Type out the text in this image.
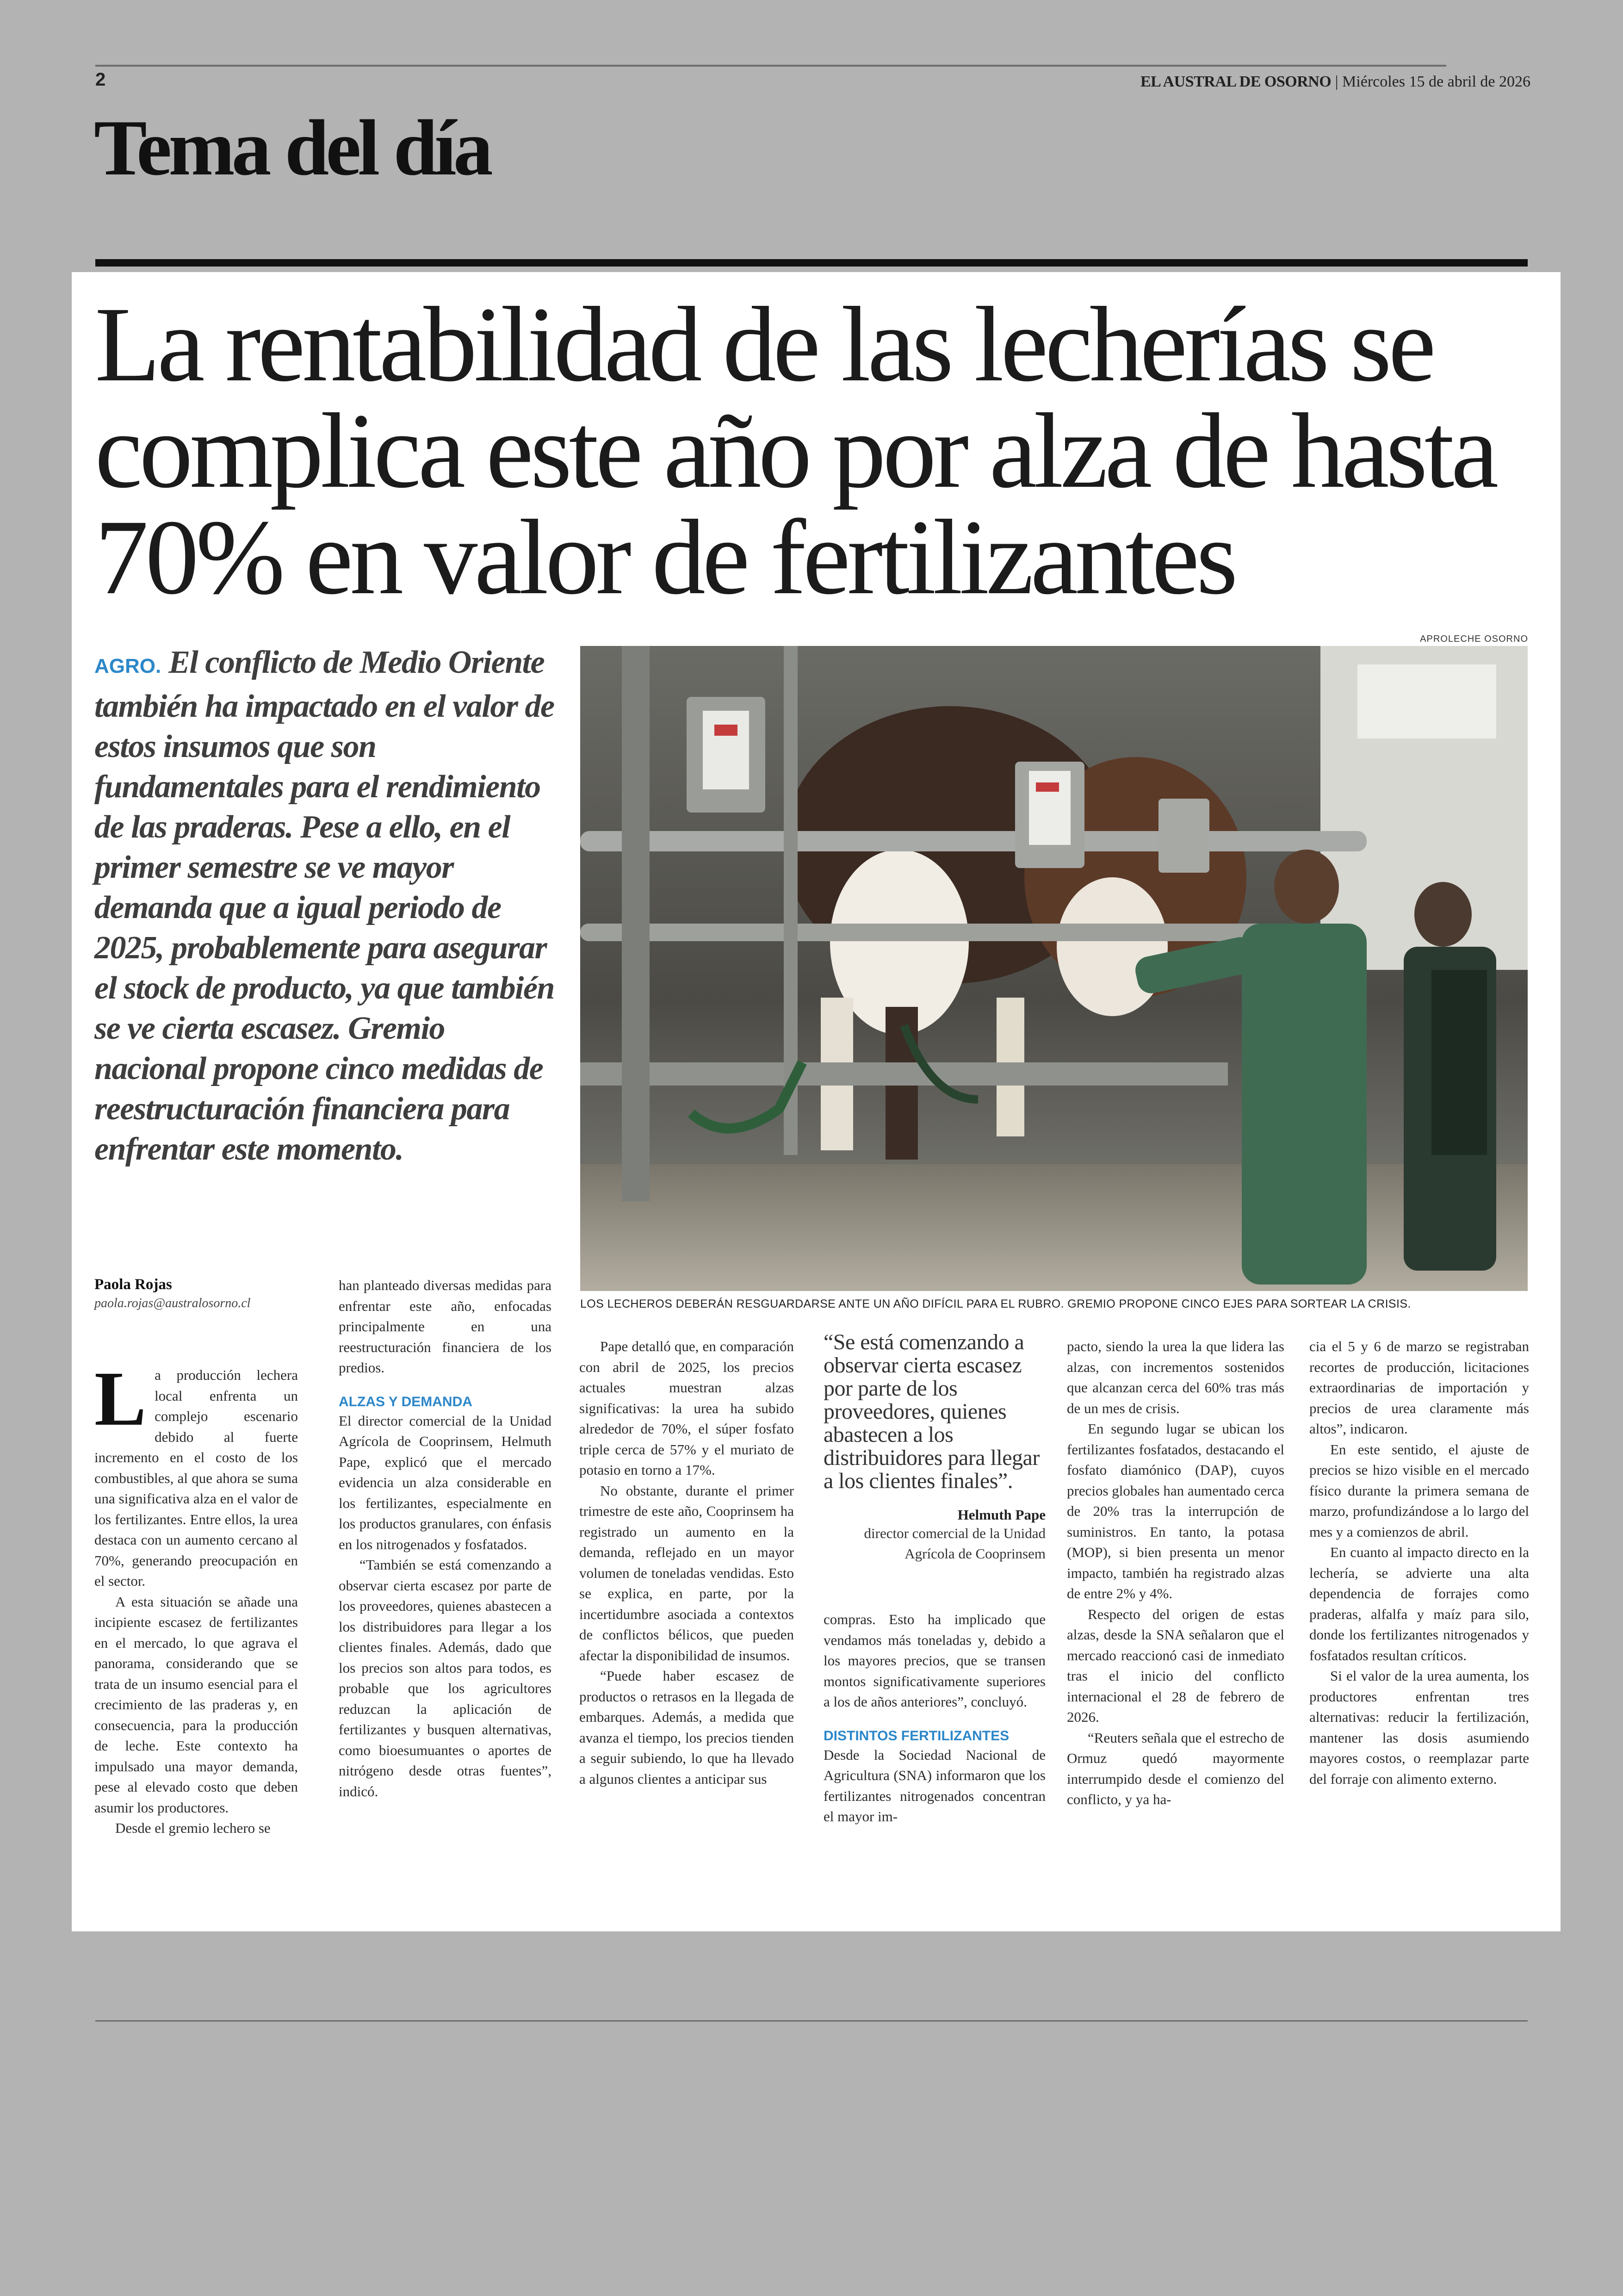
2	EL AUSTRAL DE OSORNO | Miércoles 15 de abril de 2026
Tema del día
La rentabilidad de las lecherías se complica este año por alza de hasta 70% en valor de fertilizantes
AGRO. El conflicto de Medio Oriente también ha impactado en el valor de estos insumos que son fundamentales para el rendimiento de las praderas. Pese a ello, en el primer semestre se ve mayor demanda que a igual periodo de 2025, probablemente para asegurar el stock de producto, ya que también se ve cierta escasez. Gremio nacional propone cinco medidas de reestructuración financiera para enfrentar este momento.
APROLECHE OSORNO
LOS LECHEROS DEBERÁN RESGUARDARSE ANTE UN AÑO DIFÍCIL PARA EL RUBRO. GREMIO PROPONE CINCO EJES PARA SORTEAR LA CRISIS.
Paola Rojas
paola.rojas@australosorno.cl

La producción lechera local enfrenta un complejo escenario debido al fuerte incremento en el costo de los combustibles, al que ahora se suma una significativa alza en el valor de los fertilizantes. Entre ellos, la urea destaca con un aumento cercano al 70%, generando preocupación en el sector.

A esta situación se añade una incipiente escasez de fertilizantes en el mercado, lo que agrava el panorama, considerando que se trata de un insumo esencial para el crecimiento de las praderas y, en consecuencia, para la producción de leche. Este contexto ha impulsado una mayor demanda, pese al elevado costo que deben asumir los productores.

Desde el gremio lechero se

han planteado diversas medidas para enfrentar este año, enfocadas principalmente en una reestructuración financiera de los predios.

ALZAS Y DEMANDA

El director comercial de la Unidad Agrícola de Cooprinsem, Helmuth Pape, explicó que el mercado evidencia un alza considerable en los fertilizantes, especialmente en los productos granulares, con énfasis en los nitrogenados y fosfatados.

“También se está comenzando a observar cierta escasez por parte de los proveedores, quienes abastecen a los distribuidores para llegar a los clientes finales. Además, dado que los precios son altos para todos, es probable que los agricultores reduzcan la aplicación de fertilizantes y busquen alternativas, como bioesumuantes o aportes de nitrógeno desde otras fuentes”, indicó.

Pape detalló que, en comparación con abril de 2025, los precios actuales muestran alzas significativas: la urea ha subido alrededor de 70%, el súper fosfato triple cerca de 57% y el muriato de potasio en torno a 17%.

No obstante, durante el primer trimestre de este año, Cooprinsem ha registrado un aumento en la demanda, reflejado en un mayor volumen de toneladas vendidas. Esto se explica, en parte, por la incertidumbre asociada a contextos de conflictos bélicos, que pueden afectar la disponibilidad de insumos.

“Puede haber escasez de productos o retrasos en la llegada de embarques. Además, a medida que avanza el tiempo, los precios tienden a seguir subiendo, lo que ha llevado a algunos clientes a anticipar sus

“Se está comenzando a observar cierta escasez por parte de los proveedores, quienes abastecen a los distribuidores para llegar a los clientes finales”.
Helmuth Pape
director comercial de la Unidad Agrícola de Cooprinsem

compras. Esto ha implicado que vendamos más toneladas y, debido a los mayores precios, que se transen montos significativamente superiores a los de años anteriores”, concluyó.

DISTINTOS FERTILIZANTES

Desde la Sociedad Nacional de Agricultura (SNA) informaron que los fertilizantes nitrogenados concentran el mayor im-

pacto, siendo la urea la que lidera las alzas, con incrementos sostenidos que alcanzan cerca del 60% tras más de un mes de crisis.

En segundo lugar se ubican los fertilizantes fosfatados, destacando el fosfato diamónico (DAP), cuyos precios globales han aumentado cerca de 20% tras la interrupción de suministros. En tanto, la potasa (MOP), si bien presenta un menor impacto, también ha registrado alzas de entre 2% y 4%.

Respecto del origen de estas alzas, desde la SNA señalaron que el mercado reaccionó casi de inmediato tras el inicio del conflicto internacional el 28 de febrero de 2026.

“Reuters señala que el estrecho de Ormuz quedó mayormente interrumpido desde el comienzo del conflicto, y ya ha-

cia el 5 y 6 de marzo se registraban recortes de producción, licitaciones extraordinarias de importación y precios de urea claramente más altos”, indicaron.

En este sentido, el ajuste de precios se hizo visible en el mercado físico durante la primera semana de marzo, profundizándose a lo largo del mes y a comienzos de abril.

En cuanto al impacto directo en la lechería, se advierte una alta dependencia de forrajes como praderas, alfalfa y maíz para silo, donde los fertilizantes nitrogenados y fosfatados resultan críticos.

Si el valor de la urea aumenta, los productores enfrentan tres alternativas: reducir la fertilización, mantener las dosis asumiendo mayores costos, o reemplazar parte del forraje con alimento externo.
